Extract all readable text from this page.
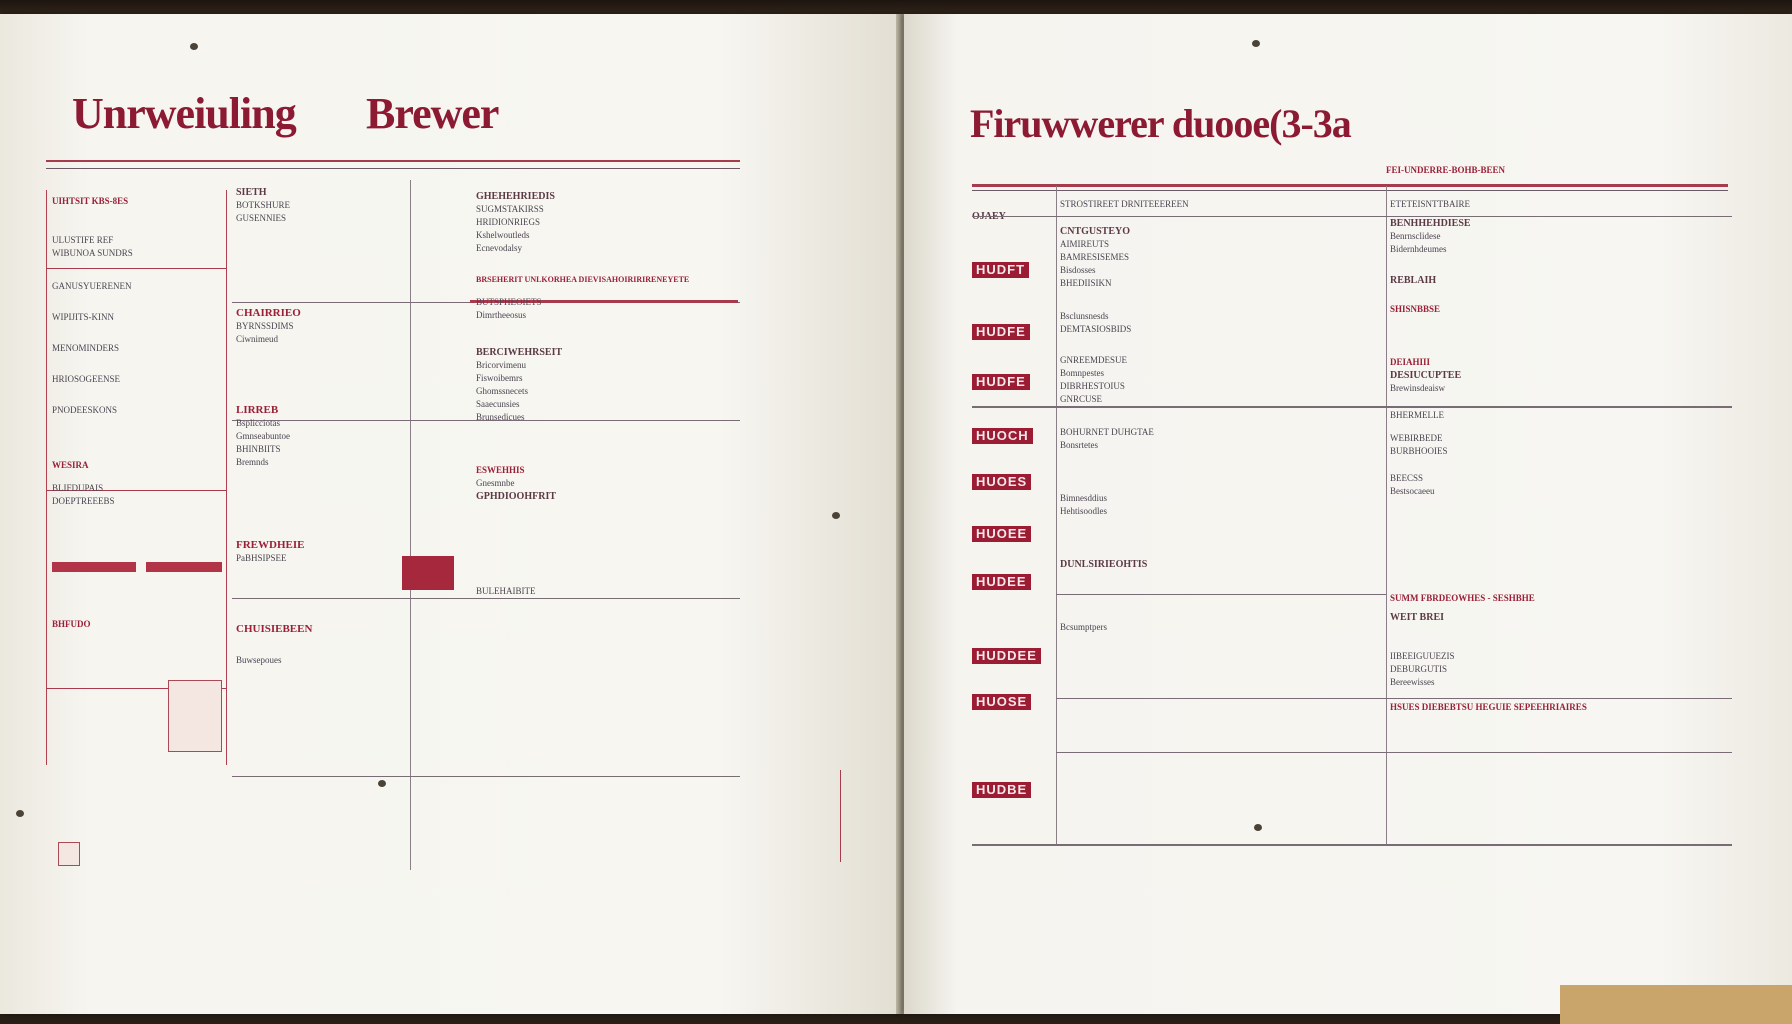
Unrweiuling Brewer
UIHTSIT KBS-8ES
ULUSTIFE REF
WIBUNOA SUNDRS
GANUSYUERENEN
WIPIJITS-KINN
MENOMINDERS
HRIOSOGEENSE
PNODEESKONS
WESIRA
BLIFDUPAIS
DOEPTREEEBS
BHFUDO
SIETH
BOTKSHURE
GUSENNIES
CHAIRRIEO
BYRNSSDIMS
Ciwnimeud
LIRREB
Bsplicciotas
Gmnseabuntoe
BHINBIITS
Bremnds
FREWDHEIE
PaBHSIPSEE
CHUISIEBEEN
Buwsepoues
GHEHEHRIEDIS
SUGMSTAKIRSS
HRIDIONRIEGS
Kshelwoutleds
Ecnevodalsy
BRSEHERIT UNLKORHEA DIEVISAHOIRIRIRENEYETE
BUTSPHEOIETS
Dimrtheeosus
BERCIWEHRSEIT
Bricorvimenu
Fiswoibemrs
Ghomssnecets
Saaecunsies
Brunsedicues
ESWEHHIS
Gnesmnbe
GPHDIOOHFRIT
BULEHAIBITE
Firuwwerer duooe(3-3a
FEI-UNDERRE-BOHB-BEEN
HUDFT
HUDFE
HUDFE
HUOCH
HUOES
HUOEE
HUDEE
HUDDEE
HUOSE
HUDBE
STROSTIREET DRNITEEEREEN
CNTGUSTEYO
AIMIREUTS
BAMRESISEMES
Bisdosses
BHEDIISIKN
Bsclunsnesds
DEMTASIOSBIDS
GNREEMDESUE
Bomnpestes
DIBRHESTOIUS
GNRCUSE
BOHURNET DUHGTAE
Bonsrtetes
Bimnesddius
Hehtisoodles
DUNLSIRIEOHTIS
Bcsumptpers
ETETEISNTTBAIRE
BENHHEHDIESE
Benrnsclidese
Bidernhdeumes
REBLAIH
SHISNBBSE
DEIAHIII
DESIUCUPTEE
Brewinsdeaisw
BHERMELLE
WEBIRBEDE
BURBHOOIES
BEECSS
Bestsocaeeu
SUMM FBRDEOWHES - SESHBHE
WEIT BREI
IIBEEIGUUEZIS
DEBURGUTIS
Bereewisses
HSUES DIEBEBTSU HEGUIE SEPEEHRIAIRES
